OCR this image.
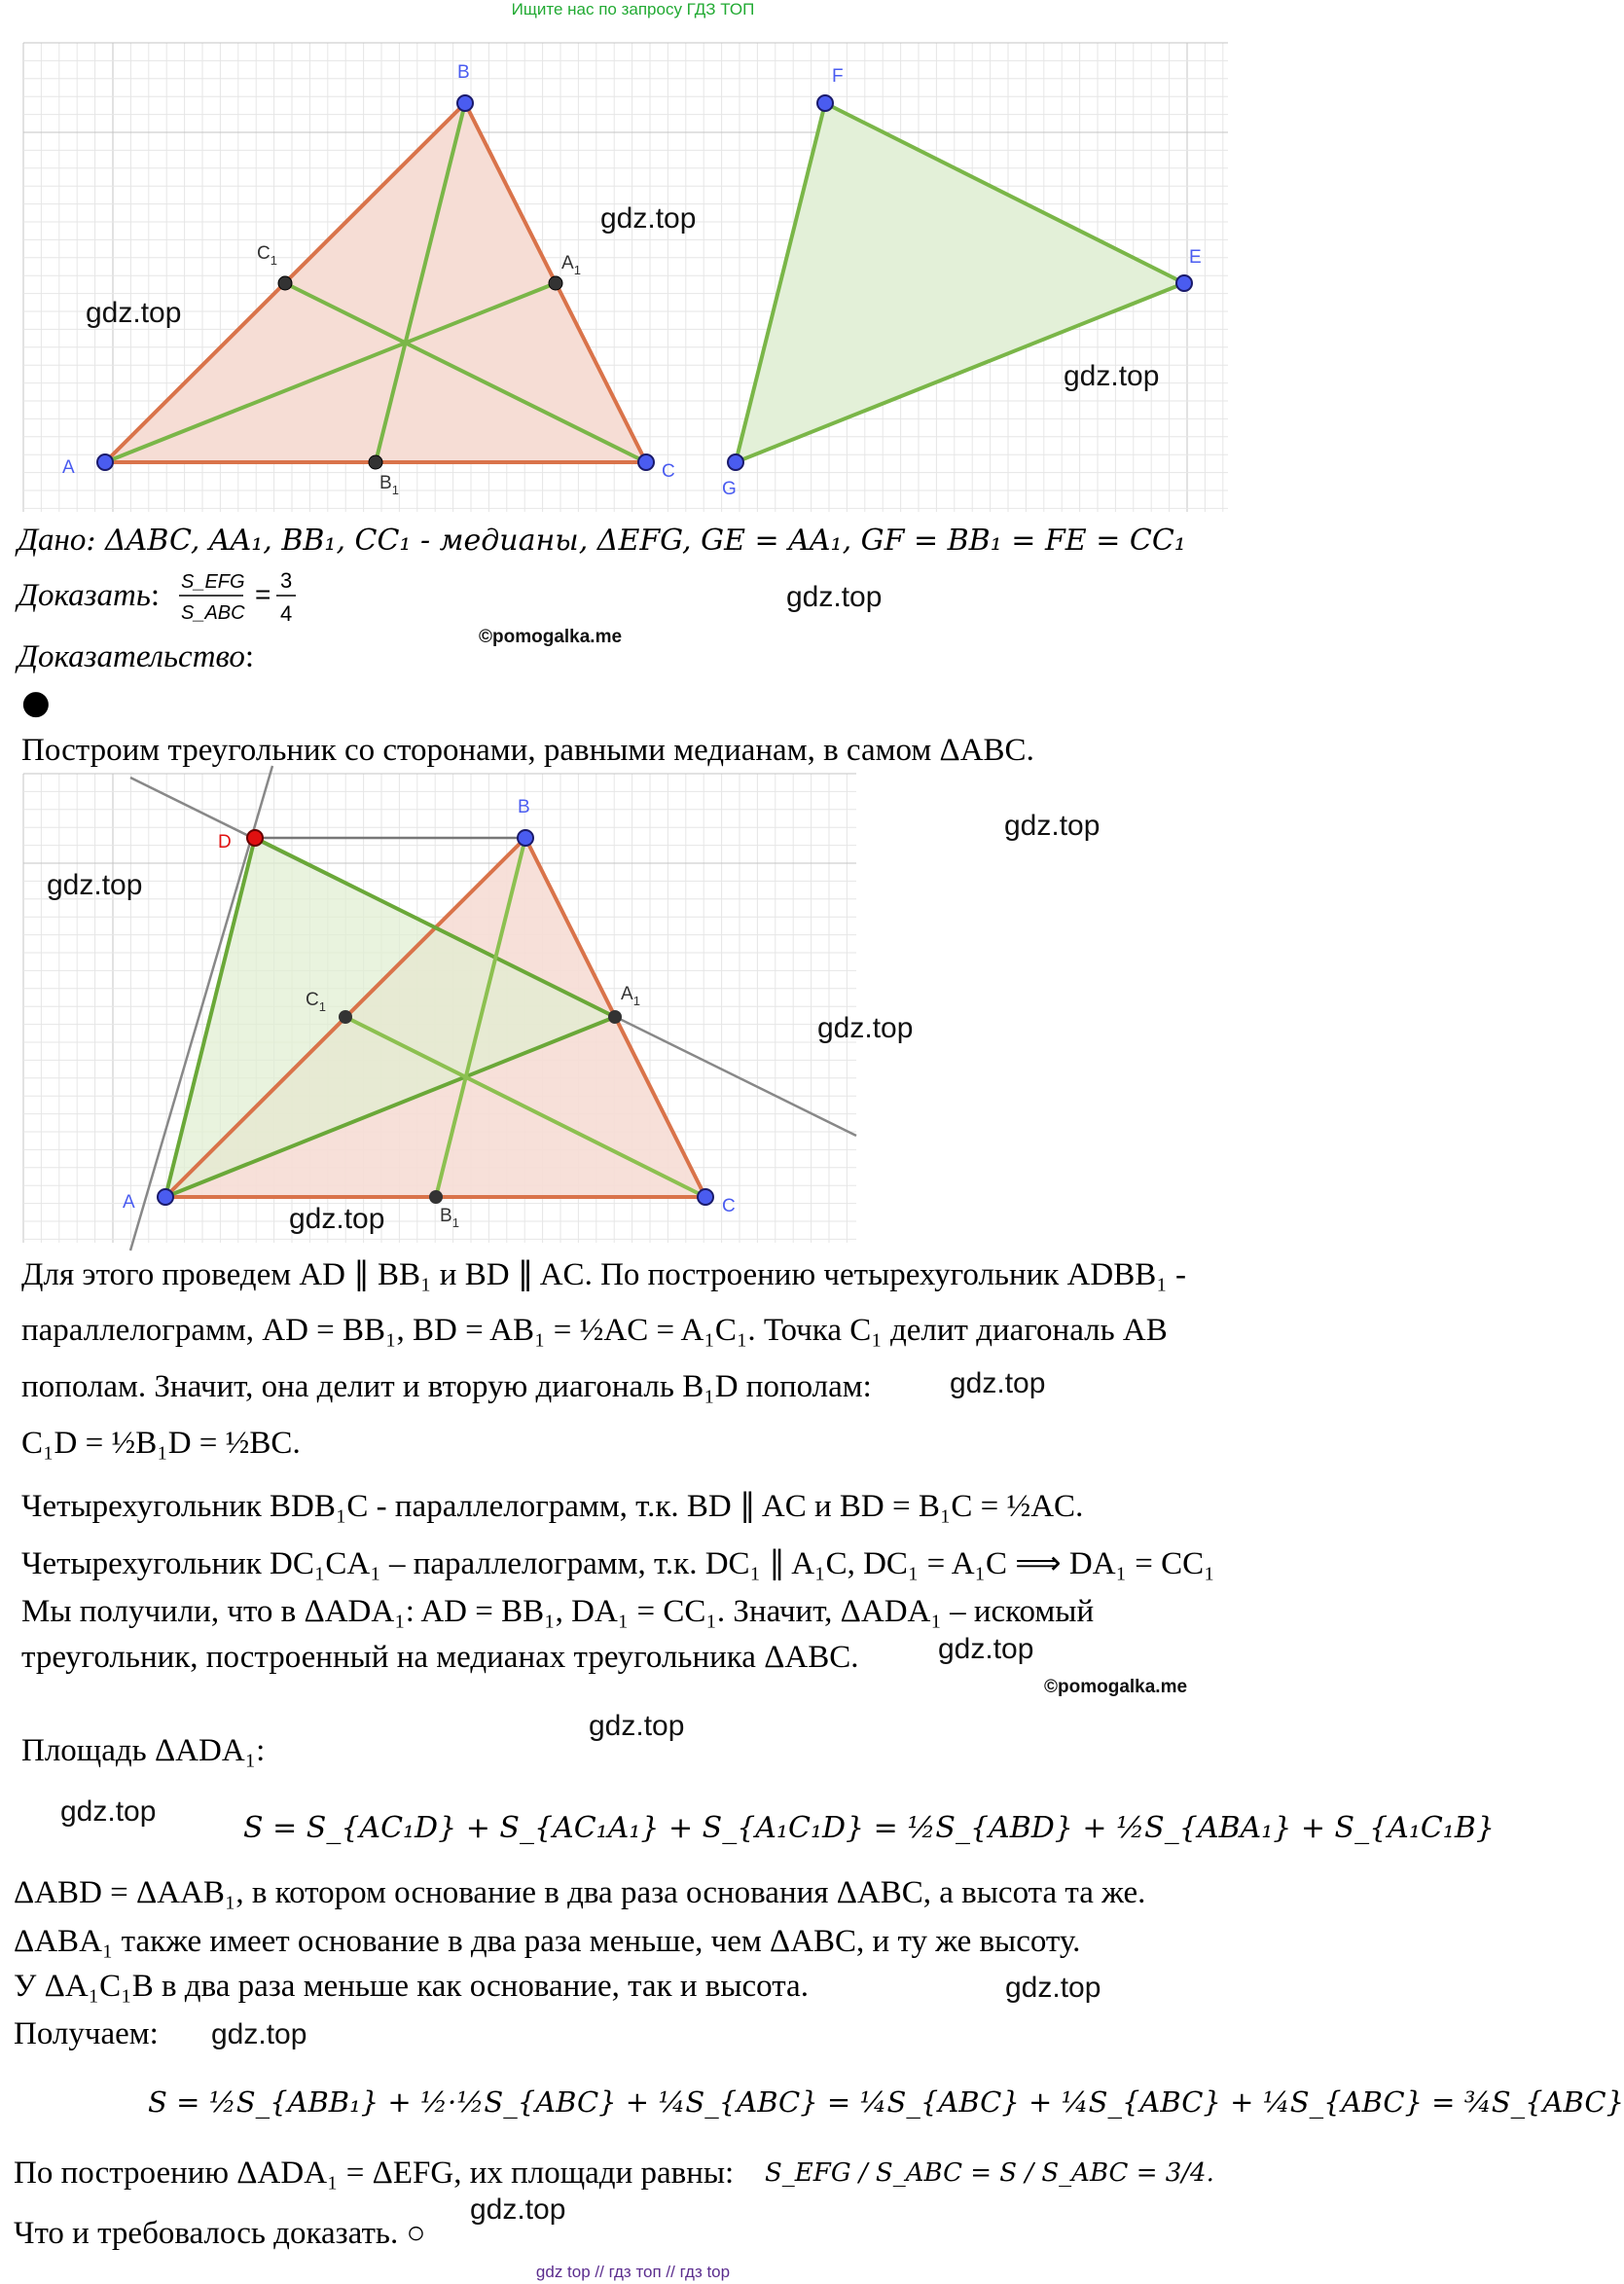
Ищите нас по запросу ГДЗ ТОП
A
B
C
$A_1$
$B_1$
$C_1$
F
E
G
gdz.top
gdz.top
gdz.top
Дано: ΔABC, AA₁, BB₁, CC₁ - медианы, ΔEFG, GE = AA₁, GF = BB₁ = FE = CC₁
Доказать: S_EFG
S_ABC
= 3
4
gdz.top
©pomogalka.me
Доказательство:
●
Построим треугольник со сторонами, равными медианам, в самом ΔABC.
D
B
A	C
$A_1$
$C_1$
$B_1$
gdz.top
gdz.top
gdz.top
gdz.top
Для этого проведем AD ∥ BB₁ и BD ∥ AC. По построению четырехугольник ADBB₁ -
параллелограмм, AD = BB₁, BD = AB₁ = ½AC = A₁C₁. Точка C₁ делит диагональ AB
пополам. Значит, она делит и вторую диагональ B₁D пополам:	gdz.top
C₁D = ½B₁D = ½BC.
Четырехугольник BDB₁C - параллелограмм, т.к. BD ∥ AC и BD = B₁C = ½AC.
Четырехугольник DC₁CA₁ – параллелограмм, т.к. DC₁ ∥ A₁C, DC₁ = A₁C ⟹ DA₁ = CC₁
Мы получили, что в ΔADA₁: AD = BB₁, DA₁ = CC₁. Значит, ΔADA₁ – искомый
треугольник, построенный на медианах треугольника ΔABC.	gdz.top
©pomogalka.me
gdz.top
Площадь ΔADA₁:
gdz.top	S = S_{AC₁D} + S_{AC₁A₁} + S_{A₁C₁D} = ½S_{ABD} + ½S_{ABA₁} + S_{A₁C₁B}
ΔABD = ΔAAB₁, в котором основание в два раза основания ΔABC, а высота та же.
ΔABA₁ также имеет основание в два раза меньше, чем ΔABC, и ту же высоту.
У ΔA₁C₁B в два раза меньше как основание, так и высота.	gdz.top
Получаем: gdz.top
S = ½S_{ABB₁} + ½·½S_{ABC} + ¼S_{ABC} = ¼S_{ABC} + ¼S_{ABC} + ¼S_{ABC} = ¾S_{ABC}
По построению ΔADA₁ = ΔEFG, их площади равны: S_EFG / S_ABC = S / S_ABC = 3/4.
Что и требовалось доказать. ○
gdz.top
gdz top // гдз топ // гдз top
